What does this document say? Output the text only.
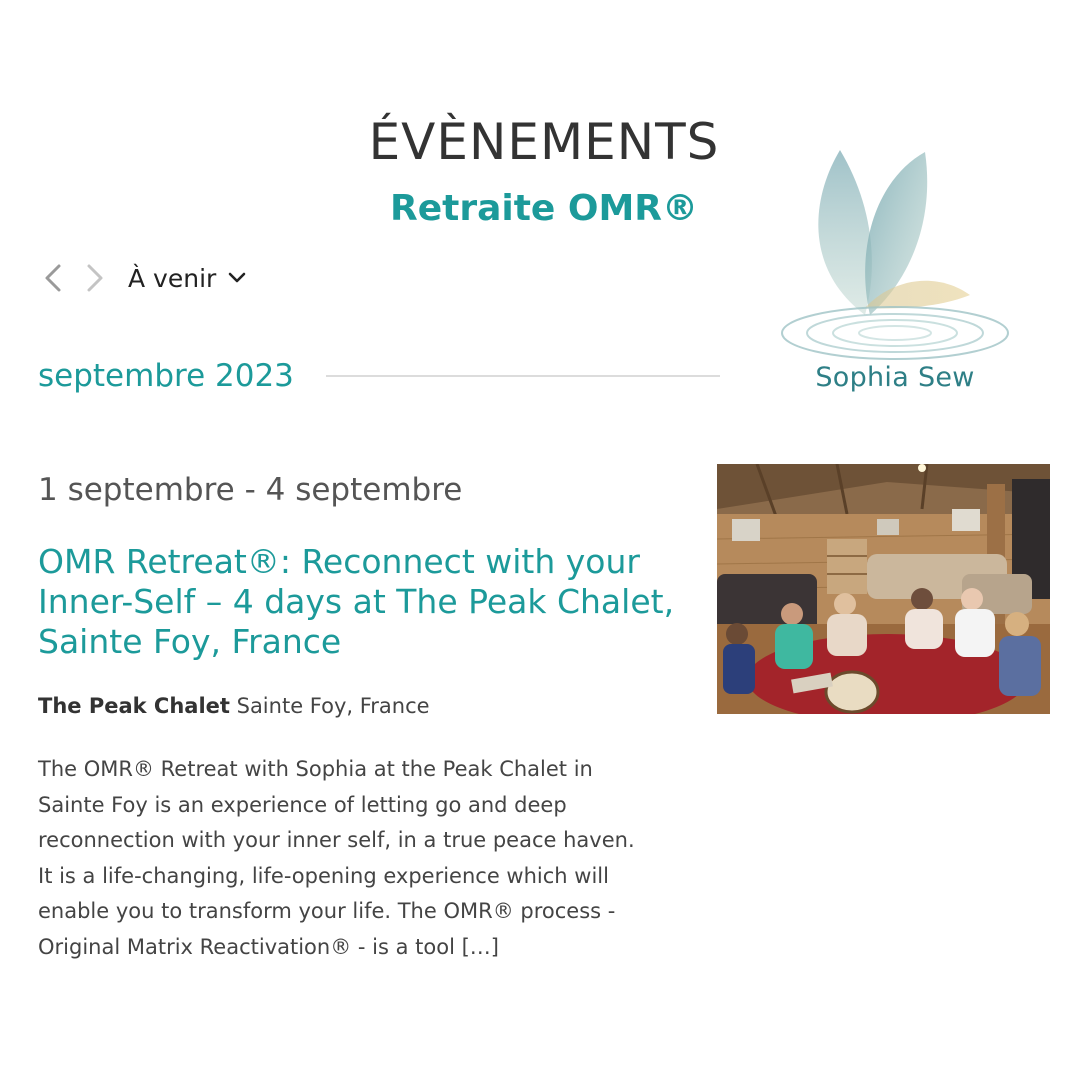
ÉVÈNEMENTS
Retraite OMR®
À venir
Sophia Sew
septembre 2023
1 septembre - 4 septembre
OMR Retreat®: Reconnect with your Inner-Self – 4 days at The Peak Chalet, Sainte Foy, France
The Peak Chalet Sainte Foy, France

The OMR® Retreat with Sophia at the Peak Chalet in Sainte Foy is an experience of letting go and deep reconnection with your inner self, in a true peace haven. It is a life-changing, life-opening experience which will enable you to transform your life. The OMR® process - Original Matrix Reactivation® - is a tool […]
